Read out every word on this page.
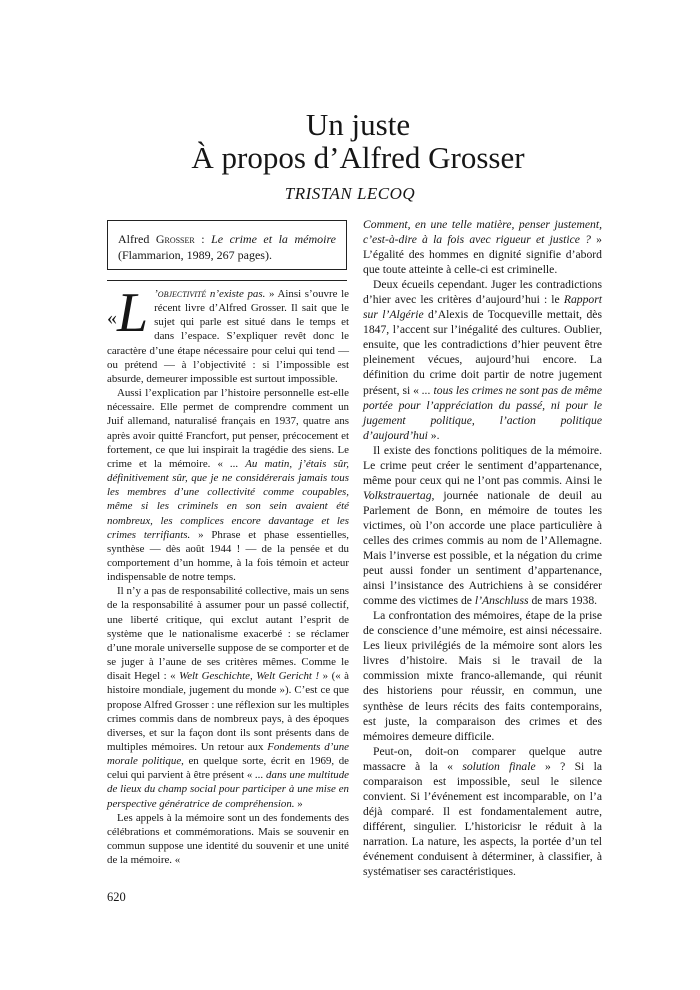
Un juste
À propos d’Alfred Grosser
TRISTAN LECOQ
Alfred Grosser : Le crime et la mémoire (Flammarion, 1989, 267 pages).

«L ’objectivité n’existe pas. » Ainsi s’ouvre le récent livre d’Alfred Grosser. Il sait que le sujet qui parle est situé dans le temps et dans l’espace. S’expliquer revêt donc le caractère d’une étape nécessaire pour celui qui tend — ou prétend — à l’objectivité : si l’impossible est absurde, demeurer impossible est surtout impossible.

Aussi l’explication par l’histoire personnelle est-elle nécessaire. Elle permet de comprendre comment un Juif allemand, naturalisé français en 1937, quatre ans après avoir quitté Francfort, put penser, précocement et fortement, ce que lui inspirait la tragédie des siens. Le crime et la mémoire. « ... Au matin, j’étais sûr, définitivement sûr, que je ne considérerais jamais tous les membres d’une collectivité comme coupables, même si les criminels en son sein avaient été nombreux, les complices encore davantage et les crimes terrifiants. » Phrase et phase essentielles, synthèse — dès août 1944 ! — de la pensée et du comportement d’un homme, à la fois témoin et acteur indispensable de notre temps.

Il n’y a pas de responsabilité collective, mais un sens de la responsabilité à assumer pour un passé collectif, une liberté critique, qui exclut autant l’esprit de système que le nationalisme exacerbé : se réclamer d’une morale universelle suppose de se comporter et de se juger à l’aune de ses critères mêmes. Comme le disait Hegel : « Welt Geschichte, Welt Gericht ! » (« à histoire mondiale, jugement du monde »). C’est ce que propose Alfred Grosser : une réflexion sur les multiples crimes commis dans de nombreux pays, à des époques diverses, et sur la façon dont ils sont présents dans de multiples mémoires. Un retour aux Fondements d’une morale politique, en quelque sorte, écrit en 1969, de celui qui parvient à être présent « ... dans une multitude de lieux du champ social pour participer à une mise en perspective génératrice de compréhension. »

Les appels à la mémoire sont un des fondements des célébrations et commémorations. Mais se souvenir en commun suppose une identité du souvenir et une unité de la mémoire. «

Comment, en une telle matière, penser justement, c’est-à-dire à la fois avec rigueur et justice ? » L’égalité des hommes en dignité signifie d’abord que toute atteinte à celle-ci est criminelle.

Deux écueils cependant. Juger les contradictions d’hier avec les critères d’aujourd’hui : le Rapport sur l’Algérie d’Alexis de Tocqueville mettait, dès 1847, l’accent sur l’inégalité des cultures. Oublier, ensuite, que les contradictions d’hier peuvent être pleinement vécues, aujourd’hui encore. La définition du crime doit partir de notre jugement présent, si « ... tous les crimes ne sont pas de même portée pour l’appréciation du passé, ni pour le jugement politique, l’action politique d’aujourd’hui ».

Il existe des fonctions politiques de la mémoire. Le crime peut créer le sentiment d’appartenance, même pour ceux qui ne l’ont pas commis. Ainsi le Volkstrauertag, journée nationale de deuil au Parlement de Bonn, en mémoire de toutes les victimes, où l’on accorde une place particulière à celles des crimes commis au nom de l’Allemagne. Mais l’inverse est possible, et la négation du crime peut aussi fonder un sentiment d’appartenance, ainsi l’insistance des Autrichiens à se considérer comme des victimes de l’Anschluss de mars 1938.

La confrontation des mémoires, étape de la prise de conscience d’une mémoire, est ainsi nécessaire. Les lieux privilégiés de la mémoire sont alors les livres d’histoire. Mais si le travail de la commission mixte franco-allemande, qui réunit des historiens pour réussir, en commun, une synthèse de leurs récits des faits contemporains, est juste, la comparaison des crimes et des mémoires demeure difficile.

Peut-on, doit-on comparer quelque autre massacre à la « solution finale » ? Si la comparaison est impossible, seul le silence convient. Si l’événement est incomparable, on l’a déjà comparé. Il est fondamentalement autre, différent, singulier. L’historicisr le réduit à la narration. La nature, les aspects, la portée d’un tel événement conduisent à déterminer, à classifier, à systématiser ses caractéristiques.

620
